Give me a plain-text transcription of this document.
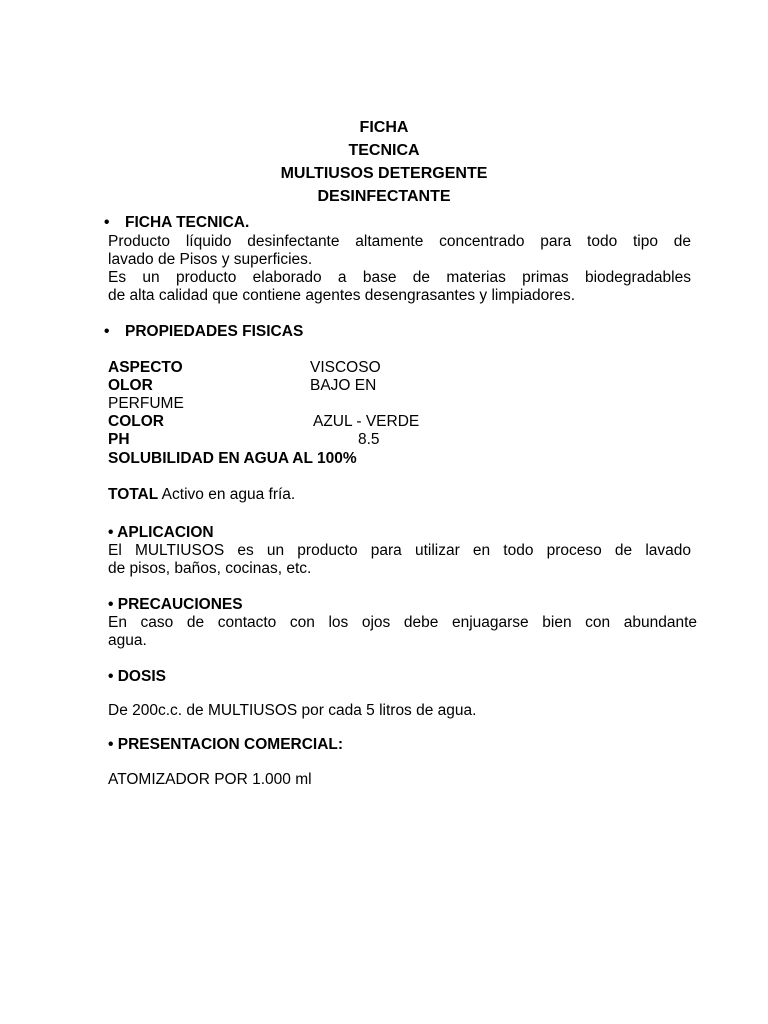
FICHA
TECNICA
MULTIUSOS DETERGENTE
DESINFECTANTE
• FICHA TECNICA.
Producto líquido desinfectante altamente concentrado para todo tipo de
lavado de Pisos y superficies.
Es un producto elaborado a base de materias primas biodegradables
de alta calidad que contiene agentes desengrasantes y limpiadores.
• PROPIEDADES FISICAS
ASPECTO	VISCOSO
OLOR	BAJO EN
PERFUME
COLOR	AZUL - VERDE
PH	8.5
SOLUBILIDAD EN AGUA AL 100%
TOTAL Activo en agua fría.
• APLICACION
El MULTIUSOS es un producto para utilizar en todo proceso de lavado
de pisos, baños, cocinas, etc.
• PRECAUCIONES
En caso de contacto con los ojos debe enjuagarse bien con abundante
agua.
• DOSIS
De 200c.c. de MULTIUSOS por cada 5 litros de agua.
• PRESENTACION COMERCIAL:
ATOMIZADOR POR 1.000 ml
